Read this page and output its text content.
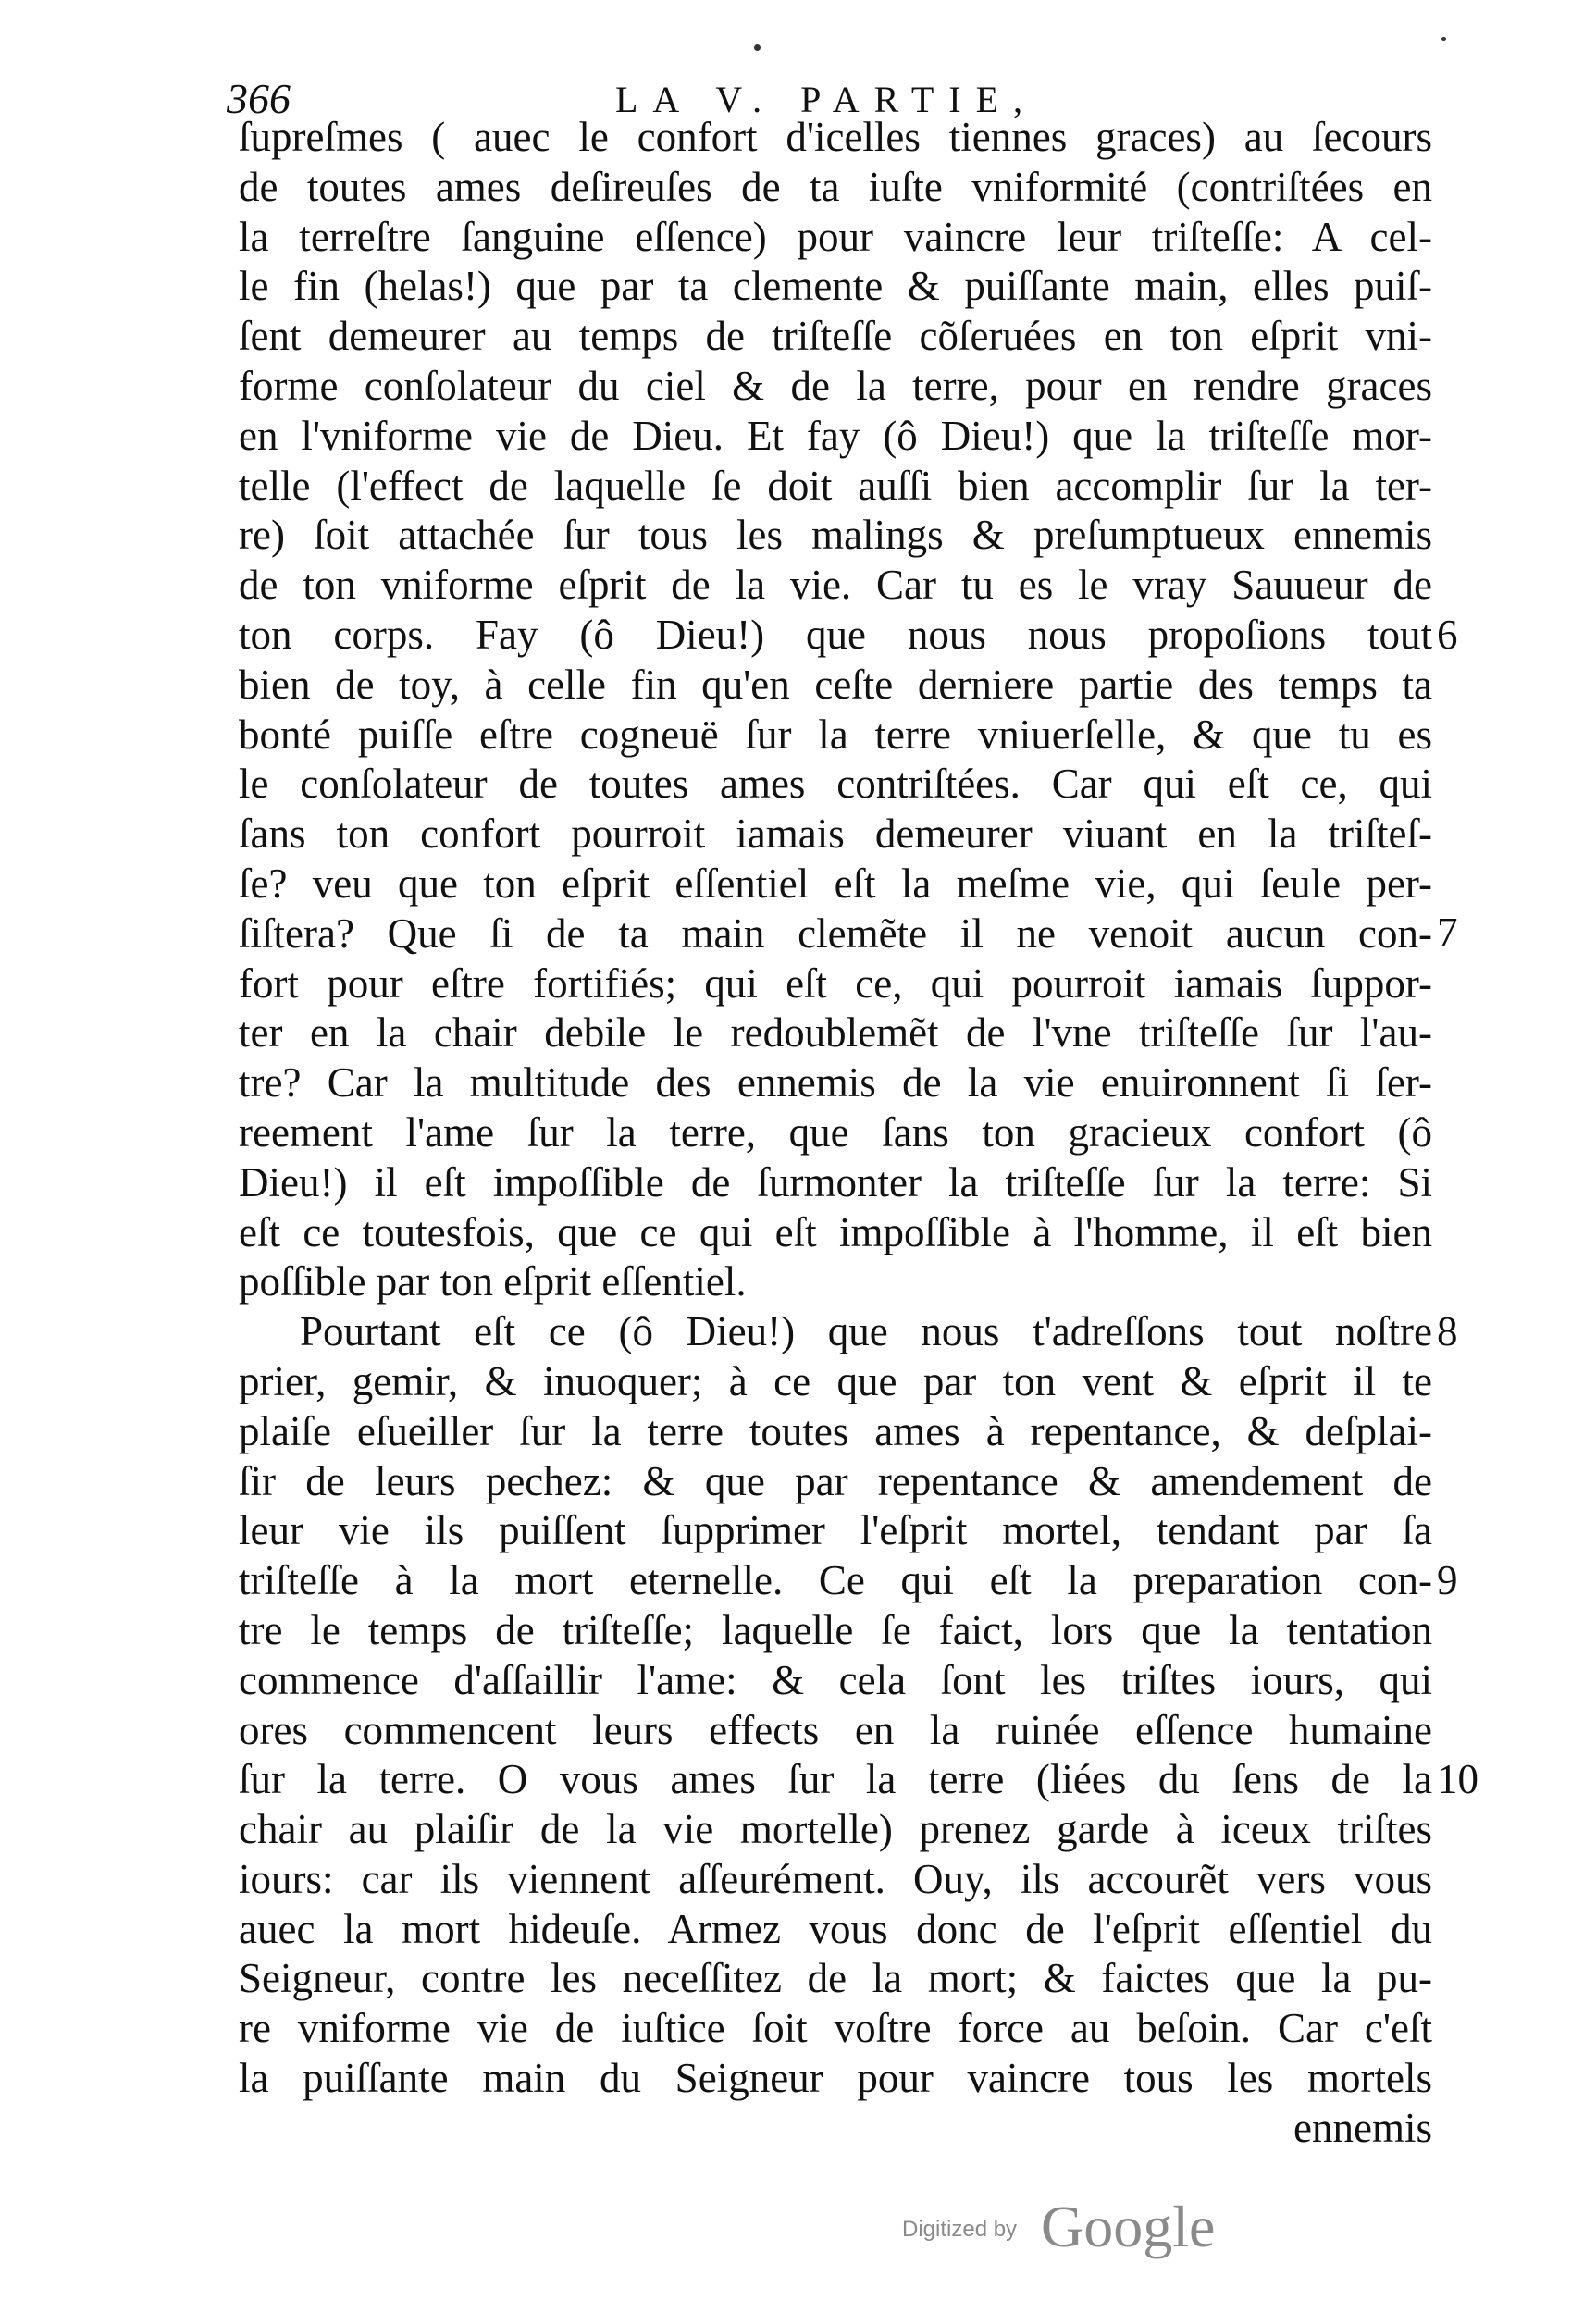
366	LA V. PARTIE,
ſupreſmes ( auec le confort d'icelles tiennes graces) au ſecours
de toutes ames deſireuſes de ta iuſte vniformité (contriſtées en
la terreſtre ſanguine eſſence) pour vaincre leur triſteſſe: A cel-
le fin (helas!) que par ta clemente & puiſſante main, elles puiſ-
ſent demeurer au temps de triſteſſe cõſeruées en ton eſprit vni-
forme conſolateur du ciel & de la terre, pour en rendre graces
en l'vniforme vie de Dieu. Et fay (ô Dieu!) que la triſteſſe mor-
telle (l'effect de laquelle ſe doit auſſi bien accomplir ſur la ter-
re) ſoit attachée ſur tous les malings & preſumptueux ennemis
de ton vniforme eſprit de la vie. Car tu es le vray Sauueur de
ton corps. Fay (ô Dieu!) que nous nous propoſions tout
bien de toy, à celle fin qu'en ceſte derniere partie des temps ta
bonté puiſſe eſtre cogneuë ſur la terre vniuerſelle, & que tu es
le conſolateur de toutes ames contriſtées. Car qui eſt ce, qui
ſans ton confort pourroit iamais demeurer viuant en la triſteſ-
ſe? veu que ton eſprit eſſentiel eſt la meſme vie, qui ſeule per-
ſiſtera? Que ſi de ta main clemẽte il ne venoit aucun con-
fort pour eſtre fortifiés; qui eſt ce, qui pourroit iamais ſuppor-
ter en la chair debile le redoublemẽt de l'vne triſteſſe ſur l'au-
tre? Car la multitude des ennemis de la vie enuironnent ſi ſer-
reement l'ame ſur la terre, que ſans ton gracieux confort (ô
Dieu!) il eſt impoſſible de ſurmonter la triſteſſe ſur la terre: Si
eſt ce toutesfois, que ce qui eſt impoſſible à l'homme, il eſt bien
poſſible par ton eſprit eſſentiel.
Pourtant eſt ce (ô Dieu!) que nous t'adreſſons tout noſtre
prier, gemir, & inuoquer; à ce que par ton vent & eſprit il te
plaiſe eſueiller ſur la terre toutes ames à repentance, & deſplai-
ſir de leurs pechez: & que par repentance & amendement de
leur vie ils puiſſent ſupprimer l'eſprit mortel, tendant par ſa
triſteſſe à la mort eternelle. Ce qui eſt la preparation con-
tre le temps de triſteſſe; laquelle ſe faict, lors que la tentation
commence d'aſſaillir l'ame: & cela ſont les triſtes iours, qui
ores commencent leurs effects en la ruinée eſſence humaine
ſur la terre. O vous ames ſur la terre (liées du ſens de la
chair au plaiſir de la vie mortelle) prenez garde à iceux triſtes
iours: car ils viennent aſſeurément. Ouy, ils accourẽt vers vous
auec la mort hideuſe. Armez vous donc de l'eſprit eſſentiel du
Seigneur, contre les neceſſitez de la mort; & faictes que la pu-
re vniforme vie de iuſtice ſoit voſtre force au beſoin. Car c'eſt
la puiſſante main du Seigneur pour vaincre tous les mortels
ennemis
6
7
8
9
10
Digitized by Google
